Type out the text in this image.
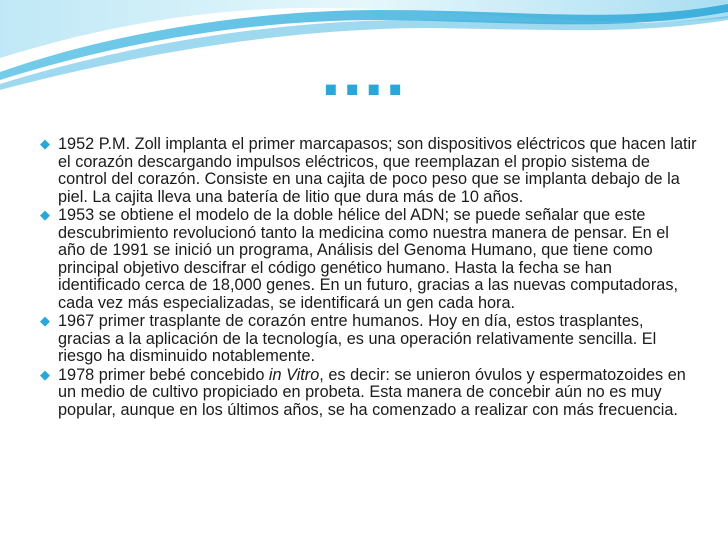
....
◆ 1952 P.M. Zoll implanta el primer marcapasos; son dispositivos eléctricos que hacen latir el corazón descargando impulsos eléctricos, que reemplazan el propio sistema de control del corazón. Consiste en una cajita de poco peso que se implanta debajo de la piel. La cajita lleva una batería de litio que dura más de 10 años.
◆ 1953 se obtiene el modelo de la doble hélice del ADN; se puede señalar que este descubrimiento revolucionó tanto la medicina como nuestra manera de pensar. En el año de 1991 se inició un programa, Análisis del Genoma Humano, que tiene como principal objetivo descifrar el código genético humano. Hasta la fecha se han identificado cerca de 18,000 genes. En un futuro, gracias a las nuevas computadoras, cada vez más especializadas, se identificará un gen cada hora.
◆ 1967 primer trasplante de corazón entre humanos. Hoy en día, estos trasplantes, gracias a la aplicación de la tecnología, es una operación relativamente sencilla. El riesgo ha disminuido notablemente.
◆ 1978 primer bebé concebido in Vitro, es decir: se unieron óvulos y espermatozoides en un medio de cultivo propiciado en probeta. Esta manera de concebir aún no es muy popular, aunque en los últimos años, se ha comenzado a realizar con más frecuencia.
